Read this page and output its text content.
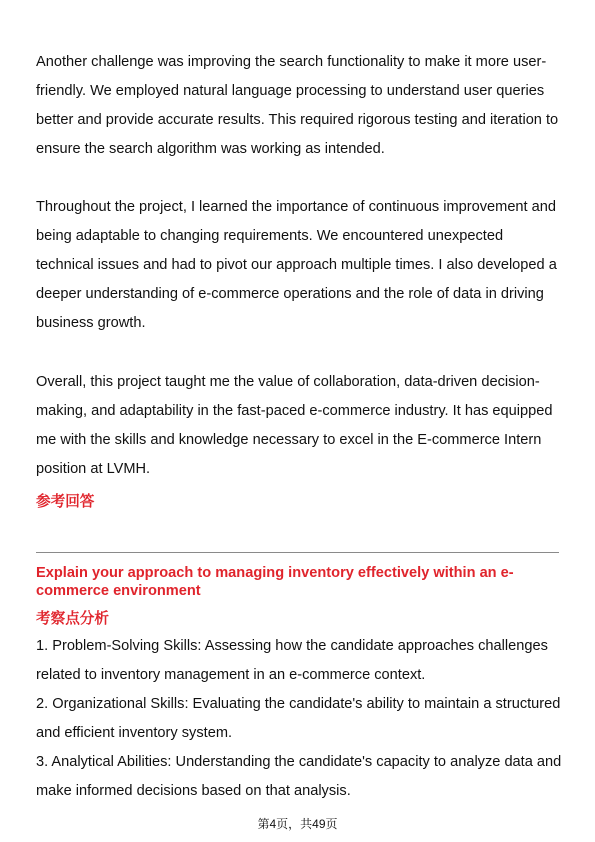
Another challenge was improving the search functionality to make it more user-friendly. We employed natural language processing to understand user queries better and provide accurate results. This required rigorous testing and iteration to ensure the search algorithm was working as intended.

Throughout the project, I learned the importance of continuous improvement and being adaptable to changing requirements. We encountered unexpected technical issues and had to pivot our approach multiple times. I also developed a deeper understanding of e-commerce operations and the role of data in driving business growth.

Overall, this project taught me the value of collaboration, data-driven decision-making, and adaptability in the fast-paced e-commerce industry. It has equipped me with the skills and knowledge necessary to excel in the E-commerce Intern position at LVMH.

参考回答
Explain your approach to managing inventory effectively within an e-commerce environment
考察点分析

1. Problem-Solving Skills: Assessing how the candidate approaches challenges related to inventory management in an e-commerce context.

2. Organizational Skills: Evaluating the candidate's ability to maintain a structured and efficient inventory system.

3. Analytical Abilities: Understanding the candidate's capacity to analyze data and make informed decisions based on that analysis.

第4页，共49页
